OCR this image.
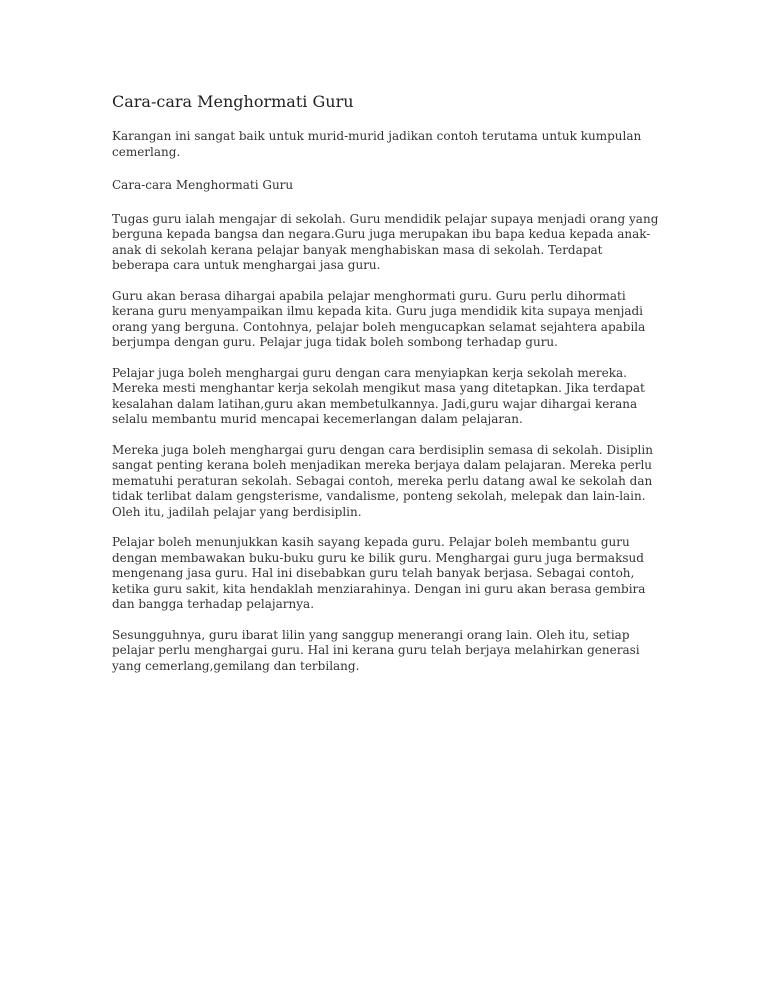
Cara-cara Menghormati Guru

Karangan ini sangat baik untuk murid-murid jadikan contoh terutama untuk kumpulan cemerlang.

Cara-cara Menghormati Guru

Tugas guru ialah mengajar di sekolah. Guru mendidik pelajar supaya menjadi orang yang berguna kepada bangsa dan negara.Guru juga merupakan ibu bapa kedua kepada anak-anak di sekolah kerana pelajar banyak menghabiskan masa di sekolah. Terdapat beberapa cara untuk menghargai jasa guru.

Guru akan berasa dihargai apabila pelajar menghormati guru. Guru perlu dihormati kerana guru menyampaikan ilmu kepada kita. Guru juga mendidik kita supaya menjadi orang yang berguna. Contohnya, pelajar boleh mengucapkan selamat sejahtera apabila berjumpa dengan guru. Pelajar juga tidak boleh sombong terhadap guru.

Pelajar juga boleh menghargai guru dengan cara menyiapkan kerja sekolah mereka. Mereka mesti menghantar kerja sekolah mengikut masa yang ditetapkan. Jika terdapat kesalahan dalam latihan,guru akan membetulkannya. Jadi,guru wajar dihargai kerana selalu membantu murid mencapai kecemerlangan dalam pelajaran.

Mereka juga boleh menghargai guru dengan cara berdisiplin semasa di sekolah. Disiplin sangat penting kerana boleh menjadikan mereka berjaya dalam pelajaran. Mereka perlu mematuhi peraturan sekolah. Sebagai contoh, mereka perlu datang awal ke sekolah dan tidak terlibat dalam gengsterisme, vandalisme, ponteng sekolah, melepak dan lain-lain. Oleh itu, jadilah pelajar yang berdisiplin.

Pelajar boleh menunjukkan kasih sayang kepada guru. Pelajar boleh membantu guru dengan membawakan buku-buku guru ke bilik guru. Menghargai guru juga bermaksud mengenang jasa guru. Hal ini disebabkan guru telah banyak berjasa. Sebagai contoh, ketika guru sakit, kita hendaklah menziarahinya. Dengan ini guru akan berasa gembira dan bangga terhadap pelajarnya.

Sesungguhnya, guru ibarat lilin yang sanggup menerangi orang lain. Oleh itu, setiap pelajar perlu menghargai guru. Hal ini kerana guru telah berjaya melahirkan generasi yang cemerlang,gemilang dan terbilang.
